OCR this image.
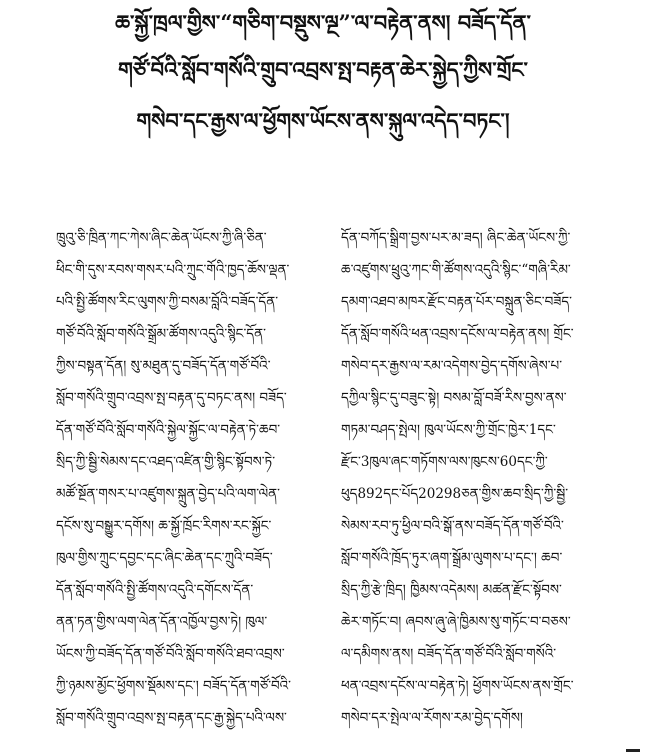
ཆ་སྐྱོ་ཁྲལ་གྱིས་“གཅིག་བསྡུས་ལྔ”་ལ་བརྟེན་ནས། བཟོད་དོན་
གཙོ་བོའི་སློབ་གསོའི་གྲུབ་འབྲས་སྤ་བརྟན་ཆེར་སྐྱེད་ཀྱིས་གྲོང་
གསེབ་དང་རྒྱས་ལ་ཕྱོགས་ཡོངས་ནས་སྐུལ་འདེད་བཏང་།
ཁྲུའུ་ཅི་ཁྲིན་ཀང་ཀེས་ཞིང་ཆེན་ཡོངས་ཀྱི་ཞི་ཅིན་
ཕིང་གི་དུས་རབས་གསར་པའི་ཀྲུང་གོའི་ཁྱད་ཆོས་ལྡན་
པའི་སྤྱི་ཚོགས་རིང་ལུགས་ཀྱི་བསམ་བློའི་བཟོད་དོན་
གཙོ་བོའི་སློབ་གསོའི་སྒྲོམ་ཚོགས་འདུའི་སྙིང་དོན་
ཀྱིས་བསྟན་དོན། སུ་མཐུན་དུ་བཟོད་དོན་གཙོ་བོའི་
སློབ་གསོའི་གྲུབ་འབྲས་སྤ་བརྟན་དུ་བཏང་ནས། བཟོད་
དོན་གཙོ་བོའི་སློབ་གསོའི་སྐྱེལ་སྐྱོང་ལ་བརྟེན་ཏེ་ཆབ་
སྲིད་ཀྱི་སྦྱི་སེམས་དང་འཐད་འཛིན་གྱི་སྙིང་སྟོབས་ཏེ་
མཚོ་སྔོན་གསར་པ་འཛུགས་སྐྲུན་བྱེད་པའི་ལག་ལེན་
དངོས་སུ་བསྒྱུར་དགོས། ཆ་སྐྱོ་ཁྲོང་རིགས་རང་སྐྱོང་
ཁུལ་གྱིས་ཀྲུང་དབྱང་དང་ཞིང་ཆེན་དང་ཀྲུའི་བཟོད་
དོན་སློབ་གསོའི་སྤྱི་ཚོགས་འདུའི་དགོངས་དོན་
ནན་ཏན་གྱིས་ལག་ལེན་དོན་འཁྱོལ་བྱས་ཏེ། ཁུལ་
ཡོངས་ཀྱི་བཟོད་དོན་གཙོ་བོའི་སློབ་གསོའི་ཐབ་འབྲས་
ཀྱི་ཉམས་མྱོང་ཕྱོགས་སྡོམས་དང་། བཟོད་དོན་གཙོ་བོའི་
སློབ་གསོའི་གྲུབ་འབྲས་སྤ་བརྟན་དང་རྒྱ་སྐྱེད་པའི་ལས་
དོན་བཀོད་སྒྲིག་བྱས་པར་མ་ཟད། ཞིང་ཆེན་ཡོངས་ཀྱི་
ཆ་འཛུགས་ཕྲུའུ་ཀང་གི་ཚོགས་འདུའི་སྙིང་“གཞི་རིམ་
དམག་འཐབ་མཁར་རྫོང་བརྟན་པོར་བསྐྲུན་ཅིང་བཟོད་
དོན་སློབ་གསོའི་ཕན་འབྲས་དངོས་ལ་བརྟེན་ནས། གྲོང་
གསེབ་དར་རྒྱས་ལ་རམ་འདེགས་བྱེད་དགོས་ཞེས་པ་
དཀྱིལ་སྙིང་དུ་བཟུང་སྟེ། བསམ་བློ་བཟོ་རིས་བྱས་ནས་
གཏམ་བཤད་སྤེལ། ཁུལ་ཡོངས་ཀྱི་གྲོང་ཁྱེར་1དང་
རྫོང་3ཁུལ་ཞང་གཏོགས་ལས་ཁུངས་60དང་ཀྱི་
ཕུད892དང་པོད20298ཅན་གྱིས་ཆབ་སྲིད་ཀྱི་སྦྱི་
སེམས་རབ་ཏུ་ཕྱིལ་བའི་སྒོ་ནས་བཟོད་དོན་གཙོ་བོའི་
སློབ་གསོའི་ཁྲོད་ཏུར་ཞག་སྒྲོམ་ལུགས་པ་དང་། ཆབ་
སྲིད་ཀྱི་རྩེ་ཁྲིད། ཁྱིམས་འདེམས། མཚན་རྫོང་སྟོབས་
ཆེར་གཏོང་བ། ཞབས་ཞུ་ཞེ་ཁྱིམས་སུ་གཏོང་བ་བཅས་
ལ་དམིགས་ནས། བཟོད་དོན་གཙོ་བོའི་སློབ་གསོའི་
ཕན་འབྲས་དངོས་ལ་བརྟེན་ཏེ། ཕྱོགས་ཡོངས་ནས་གྲོང་
གསེབ་དར་སྤེལ་ལ་རོགས་རམ་བྱེད་དགོས།
